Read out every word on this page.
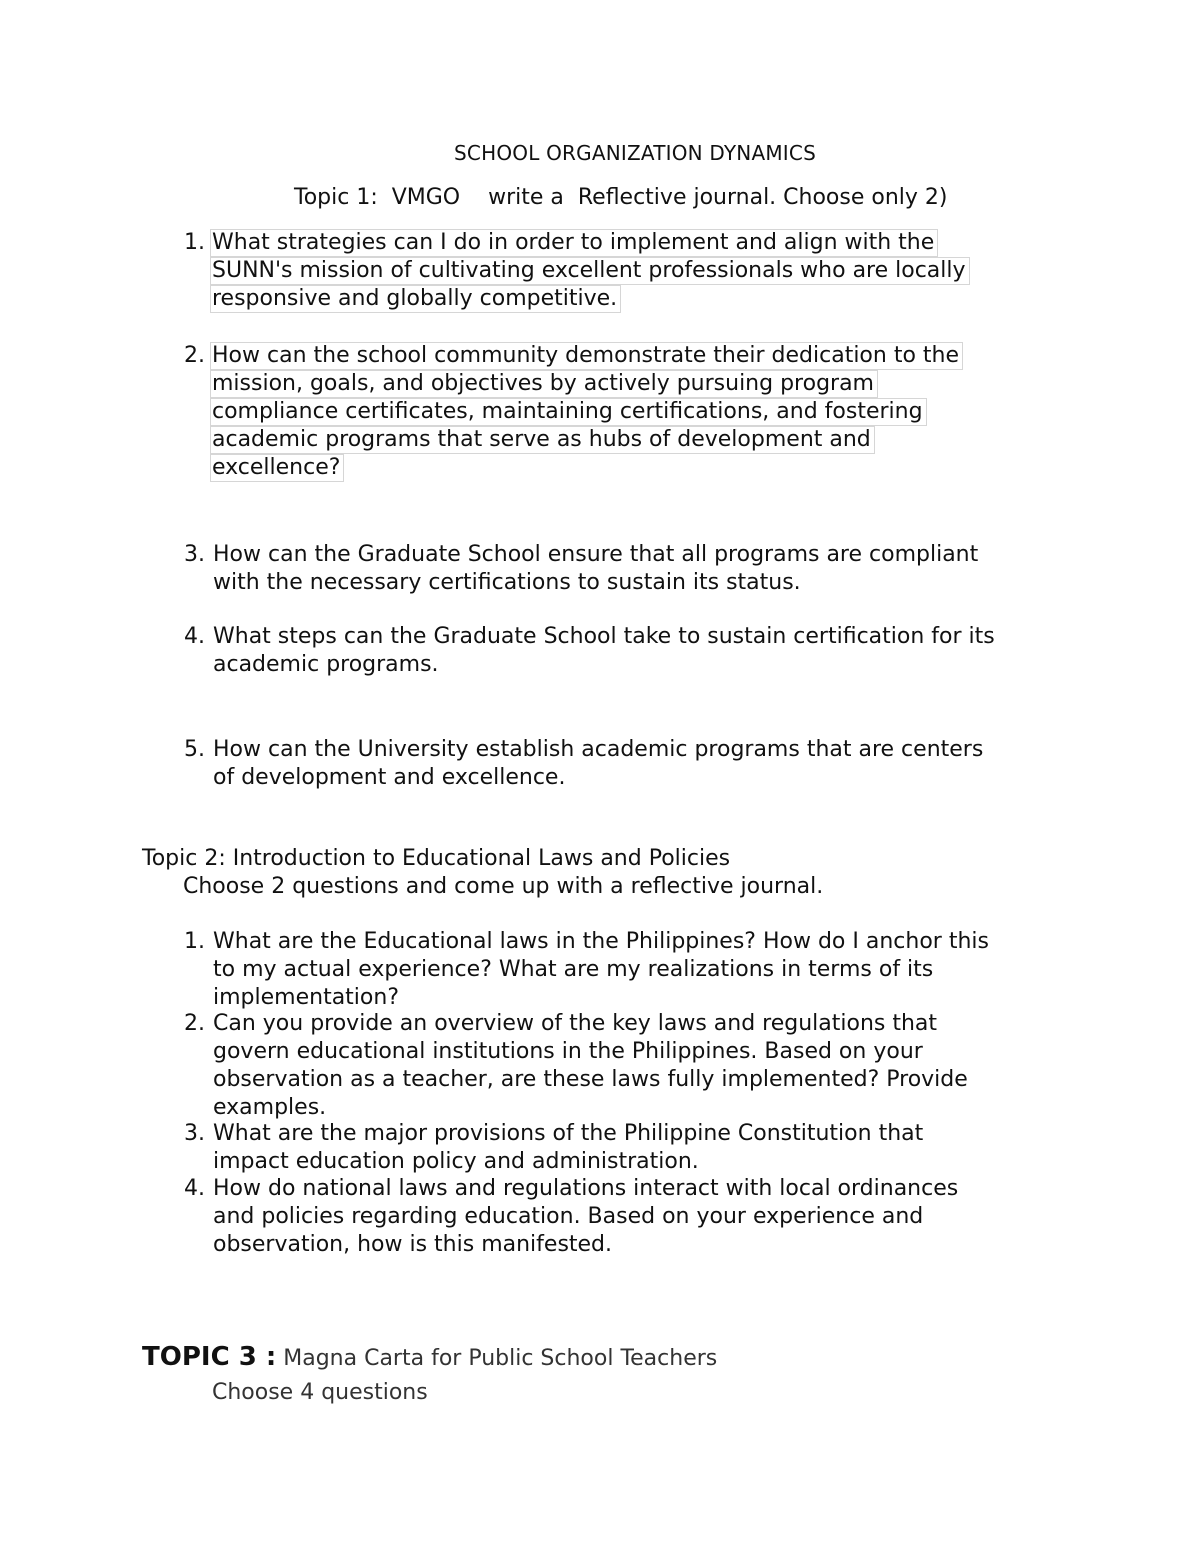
SCHOOL ORGANIZATION DYNAMICS
Topic 1:  VMGO    write a  Reflective journal. Choose only 2)
1. What strategies can I do in order to implement and align with the
SUNN's mission of cultivating excellent professionals who are locally
responsive and globally competitive.
2. How can the school community demonstrate their dedication to the
mission, goals, and objectives by actively pursuing program
compliance certificates, maintaining certifications, and fostering
academic programs that serve as hubs of development and
excellence?
3. How can the Graduate School ensure that all programs are compliant
with the necessary certifications to sustain its status.
4. What steps can the Graduate School take to sustain certification for its
academic programs.
5. How can the University establish academic programs that are centers
of development and excellence.
Topic 2: Introduction to Educational Laws and Policies
Choose 2 questions and come up with a reflective journal.
1. What are the Educational laws in the Philippines? How do I anchor this
to my actual experience? What are my realizations in terms of its
implementation?
2. Can you provide an overview of the key laws and regulations that
govern educational institutions in the Philippines. Based on your
observation as a teacher, are these laws fully implemented? Provide
examples.
3. What are the major provisions of the Philippine Constitution that
impact education policy and administration.
4. How do national laws and regulations interact with local ordinances
and policies regarding education. Based on your experience and
observation, how is this manifested.
TOPIC 3 : Magna Carta for Public School Teachers
Choose 4 questions
